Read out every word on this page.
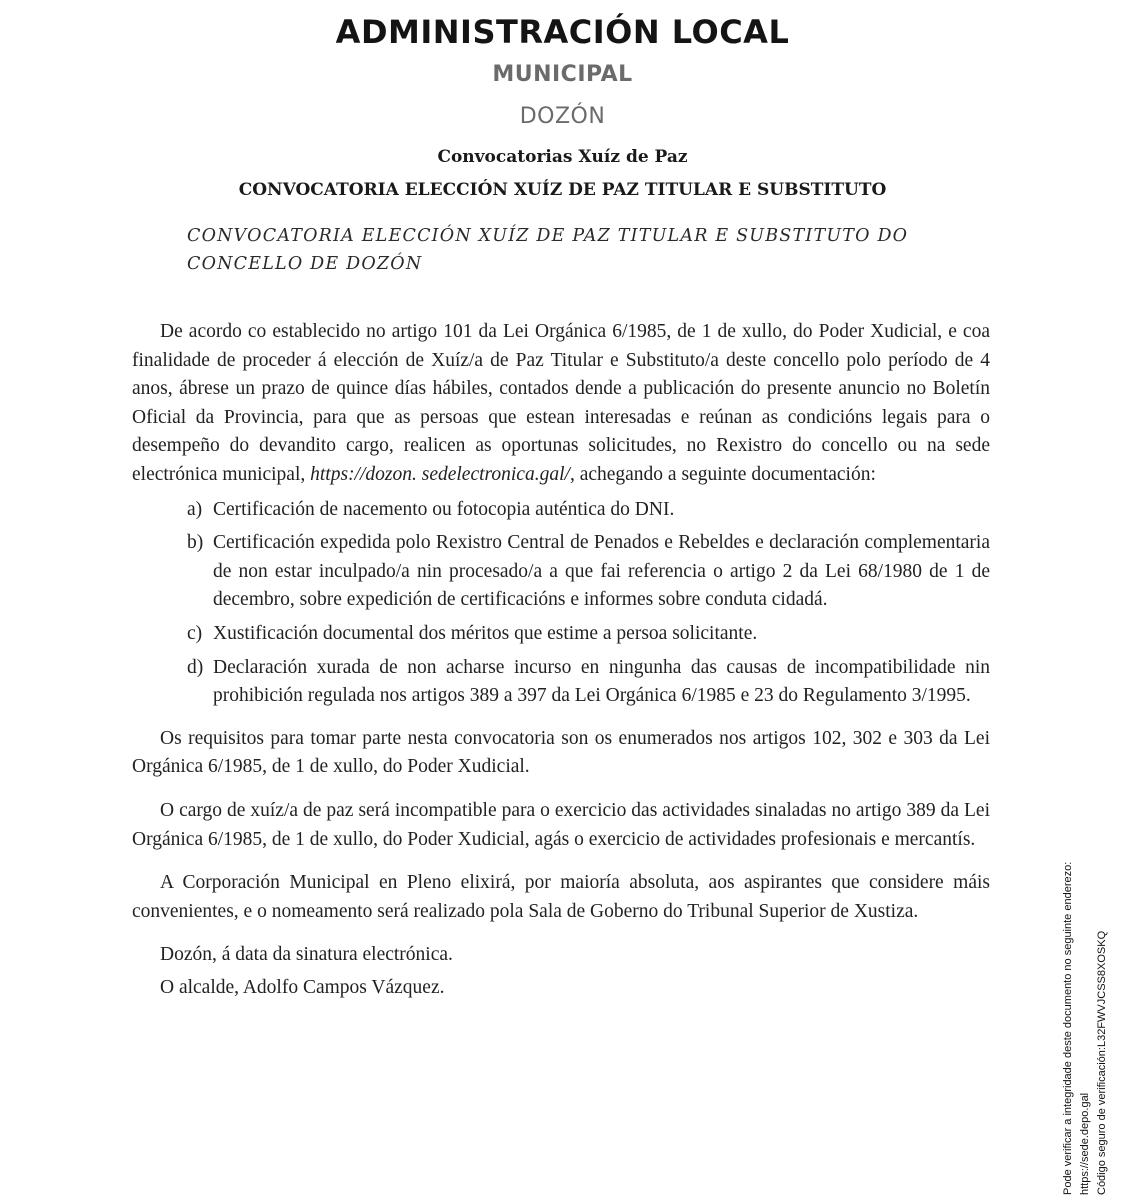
ADMINISTRACIÓN LOCAL
MUNICIPAL
DOZÓN
Convocatorias Xuíz de Paz
CONVOCATORIA ELECCIÓN XUÍZ DE PAZ TITULAR E SUBSTITUTO
CONVOCATORIA ELECCIÓN XUÍZ DE PAZ TITULAR E SUBSTITUTO DO CONCELLO DE DOZÓN

De acordo co establecido no artigo 101 da Lei Orgánica 6/1985, de 1 de xullo, do Poder Xudicial, e coa finalidade de proceder á elección de Xuíz/a de Paz Titular e Substituto/a deste concello polo período de 4 anos, ábrese un prazo de quince días hábiles, contados dende a publicación do presente anuncio no Boletín Oficial da Provincia, para que as persoas que estean interesadas e reúnan as condicións legais para o desempeño do devandito cargo, realicen as oportunas solicitudes, no Rexistro do concello ou na sede electrónica municipal, https://dozon. sedelectronica.gal/, achegando a seguinte documentación:

a) Certificación de nacemento ou fotocopia auténtica do DNI.
b) Certificación expedida polo Rexistro Central de Penados e Rebeldes e declaración complementaria de non estar inculpado/a nin procesado/a a que fai referencia o artigo 2 da Lei 68/1980 de 1 de decembro, sobre expedición de certificacións e informes sobre conduta cidadá.
c) Xustificación documental dos méritos que estime a persoa solicitante.
d) Declaración xurada de non acharse incurso en ningunha das causas de incompatibilidade nin prohibición regulada nos artigos 389 a 397 da Lei Orgánica 6/1985 e 23 do Regulamento 3/1995.

Os requisitos para tomar parte nesta convocatoria son os enumerados nos artigos 102, 302 e 303 da Lei Orgánica 6/1985, de 1 de xullo, do Poder Xudicial.

O cargo de xuíz/a de paz será incompatible para o exercicio das actividades sinaladas no artigo 389 da Lei Orgánica 6/1985, de 1 de xullo, do Poder Xudicial, agás o exercicio de actividades profesionais e mercantís.

A Corporación Municipal en Pleno elixirá, por maioría absoluta, aos aspirantes que considere máis convenientes, e o nomeamento será realizado pola Sala de Goberno do Tribunal Superior de Xustiza.

Dozón, á data da sinatura electrónica.

O alcalde, Adolfo Campos Vázquez.	Pode verificar a integridade deste documento no seguinte enderezo: https://sede.depo.gal Código seguro de verificación:L32FWVJCSS8XOSKQ
